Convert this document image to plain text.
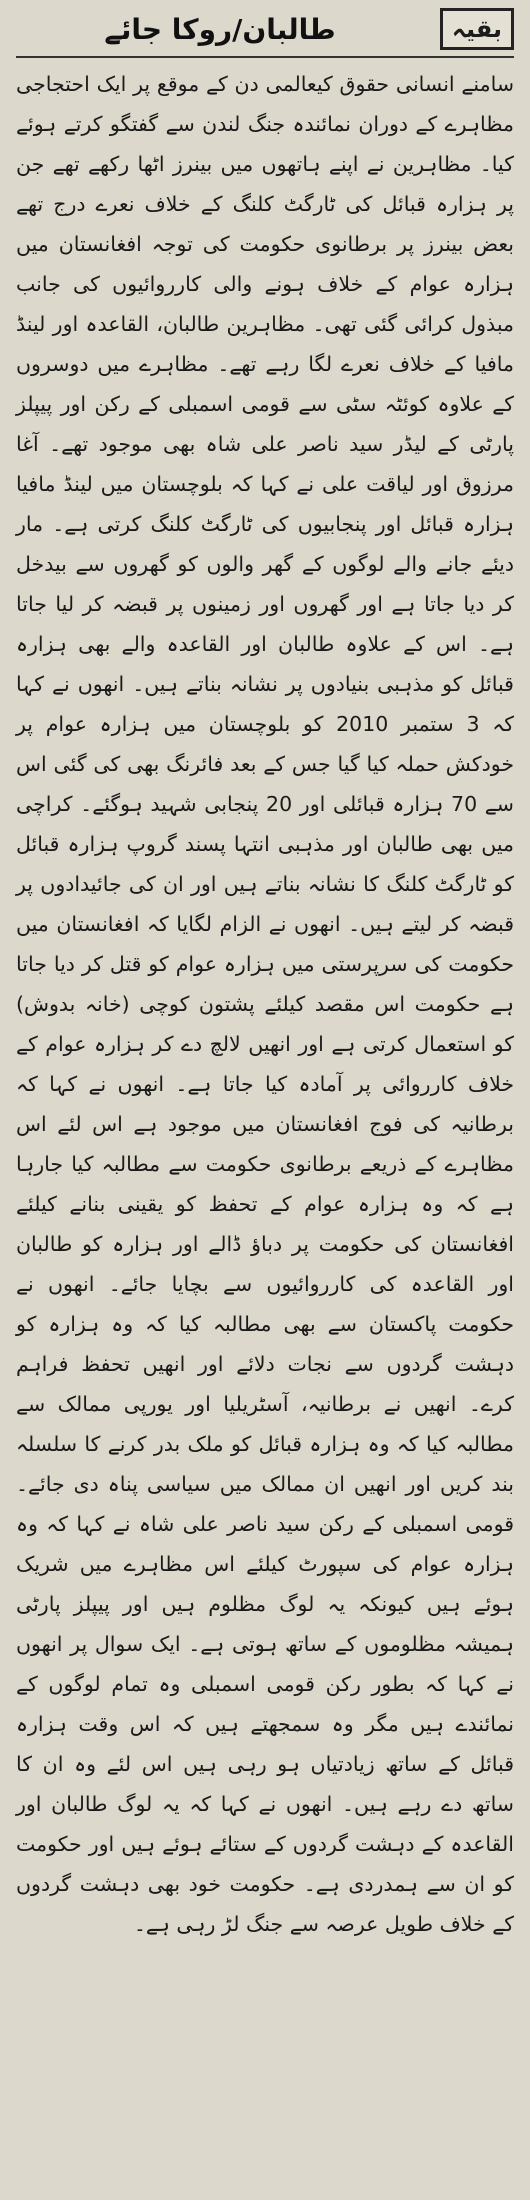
بقیہ
طالبان/روکا جائے

سامنے انسانی حقوق کیعالمی دن کے موقع پر ایک احتجاجی مظاہرے کے دوران نمائندہ جنگ لندن سے گفتگو کرتے ہوئے کیا۔ مظاہرین نے اپنے ہاتھوں میں بینرز اٹھا رکھے تھے جن پر ہزارہ قبائل کی ٹارگٹ کلنگ کے خلاف نعرے درج تھے بعض بینرز پر برطانوی حکومت کی توجہ افغانستان میں ہزارہ عوام کے خلاف ہونے والی کارروائیوں کی جانب مبذول کرائی گئی تھی۔ مظاہرین طالبان، القاعدہ اور لینڈ مافیا کے خلاف نعرے لگا رہے تھے۔ مظاہرے میں دوسروں کے علاوہ کوئٹہ سٹی سے قومی اسمبلی کے رکن اور پیپلز پارٹی کے لیڈر سید ناصر علی شاہ بھی موجود تھے۔ آغا مرزوق اور لیاقت علی نے کہا کہ بلوچستان میں لینڈ مافیا ہزارہ قبائل اور پنجابیوں کی ٹارگٹ کلنگ کرتی ہے۔ مار دیئے جانے والے لوگوں کے گھر والوں کو گھروں سے بیدخل کر دیا جاتا ہے اور گھروں اور زمینوں پر قبضہ کر لیا جاتا ہے۔ اس کے علاوہ طالبان اور القاعدہ والے بھی ہزارہ قبائل کو مذہبی بنیادوں پر نشانہ بناتے ہیں۔ انھوں نے کہا کہ 3 ستمبر 2010 کو بلوچستان میں ہزارہ عوام پر خودکش حملہ کیا گیا جس کے بعد فائرنگ بھی کی گئی اس سے 70 ہزارہ قبائلی اور 20 پنجابی شہید ہوگئے۔ کراچی میں بھی طالبان اور مذہبی انتہا پسند گروپ ہزارہ قبائل کو ٹارگٹ کلنگ کا نشانہ بناتے ہیں اور ان کی جائیدادوں پر قبضہ کر لیتے ہیں۔ انھوں نے الزام لگایا کہ افغانستان میں حکومت کی سرپرستی میں ہزارہ عوام کو قتل کر دیا جاتا ہے حکومت اس مقصد کیلئے پشتون کوچی (خانہ بدوش) کو استعمال کرتی ہے اور انھیں لالچ دے کر ہزارہ عوام کے خلاف کارروائی پر آمادہ کیا جاتا ہے۔ انھوں نے کہا کہ برطانیہ کی فوج افغانستان میں موجود ہے اس لئے اس مظاہرے کے ذریعے برطانوی حکومت سے مطالبہ کیا جارہا ہے کہ وہ ہزارہ عوام کے تحفظ کو یقینی بنانے کیلئے افغانستان کی حکومت پر دباؤ ڈالے اور ہزارہ کو طالبان اور القاعدہ کی کارروائیوں سے بچایا جائے۔ انھوں نے حکومت پاکستان سے بھی مطالبہ کیا کہ وہ ہزارہ کو دہشت گردوں سے نجات دلائے اور انھیں تحفظ فراہم کرے۔ انھیں نے برطانیہ، آسٹریلیا اور یورپی ممالک سے مطالبہ کیا کہ وہ ہزارہ قبائل کو ملک بدر کرنے کا سلسلہ بند کریں اور انھیں ان ممالک میں سیاسی پناہ دی جائے۔ قومی اسمبلی کے رکن سید ناصر علی شاہ نے کہا کہ وہ ہزارہ عوام کی سپورٹ کیلئے اس مظاہرے میں شریک ہوئے ہیں کیونکہ یہ لوگ مظلوم ہیں اور پیپلز پارٹی ہمیشہ مظلوموں کے ساتھ ہوتی ہے۔ ایک سوال پر انھوں نے کہا کہ بطور رکن قومی اسمبلی وہ تمام لوگوں کے نمائندے ہیں مگر وہ سمجھتے ہیں کہ اس وقت ہزارہ قبائل کے ساتھ زیادتیاں ہو رہی ہیں اس لئے وہ ان کا ساتھ دے رہے ہیں۔ انھوں نے کہا کہ یہ لوگ طالبان اور القاعدہ کے دہشت گردوں کے ستائے ہوئے ہیں اور حکومت کو ان سے ہمدردی ہے۔ حکومت خود بھی دہشت گردوں کے خلاف طویل عرصہ سے جنگ لڑ رہی ہے۔
